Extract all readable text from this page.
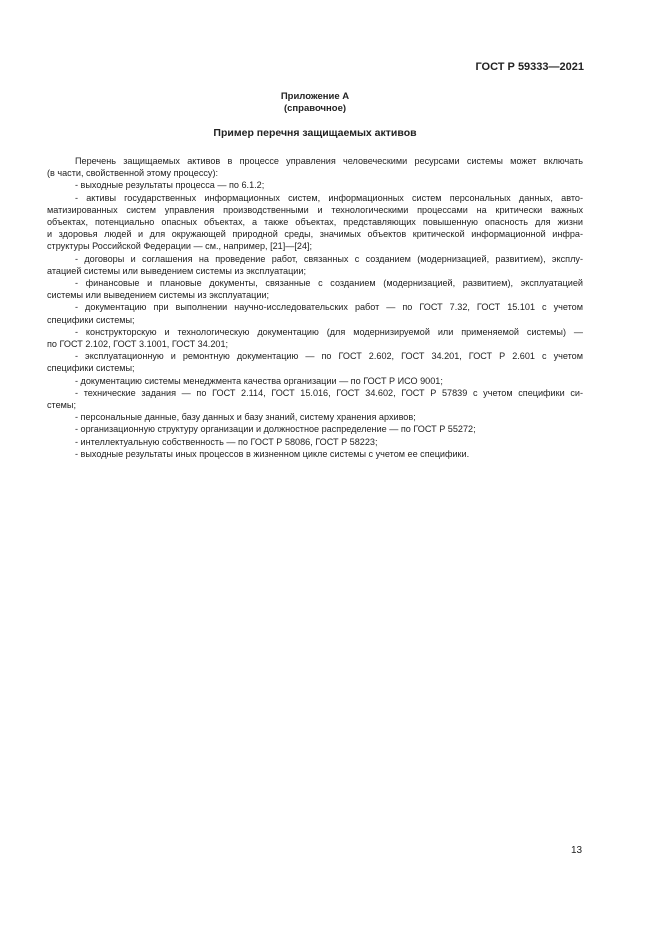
ГОСТ Р 59333—2021
Приложение А
(справочное)
Пример перечня защищаемых активов
Перечень защищаемых активов в процессе управления человеческими ресурсами системы может включать
(в части, свойственной этому процессу):
- выходные результаты процесса — по 6.1.2;
- активы государственных информационных систем, информационных систем персональных данных, авто-
матизированных систем управления производственными и технологическими процессами на критически важных
объектах, потенциально опасных объектах, а также объектах, представляющих повышенную опасность для жизни
и здоровья людей и для окружающей природной среды, значимых объектов критической информационной инфра-
структуры Российской Федерации — см., например, [21]—[24];
- договоры и соглашения на проведение работ, связанных с созданием (модернизацией, развитием), эксплу-
атацией системы или выведением системы из эксплуатации;
- финансовые и плановые документы, связанные с созданием (модернизацией, развитием), эксплуатацией
системы или выведением системы из эксплуатации;
- документацию при выполнении научно-исследовательских работ — по ГОСТ 7.32, ГОСТ 15.101 с учетом
специфики системы;
- конструкторскую и технологическую документацию (для модернизируемой или применяемой системы) —
по ГОСТ 2.102, ГОСТ 3.1001, ГОСТ 34.201;
- эксплуатационную и ремонтную документацию — по ГОСТ 2.602, ГОСТ 34.201, ГОСТ Р 2.601 с учетом
специфики системы;
- документацию системы менеджмента качества организации — по ГОСТ Р ИСО 9001;
- технические задания — по ГОСТ 2.114, ГОСТ 15.016, ГОСТ 34.602, ГОСТ Р 57839 с учетом специфики си-
стемы;
- персональные данные, базу данных и базу знаний, систему хранения архивов;
- организационную структуру организации и должностное распределение — по ГОСТ Р 55272;
- интеллектуальную собственность — по ГОСТ Р 58086, ГОСТ Р 58223;
- выходные результаты иных процессов в жизненном цикле системы с учетом ее специфики.
13
